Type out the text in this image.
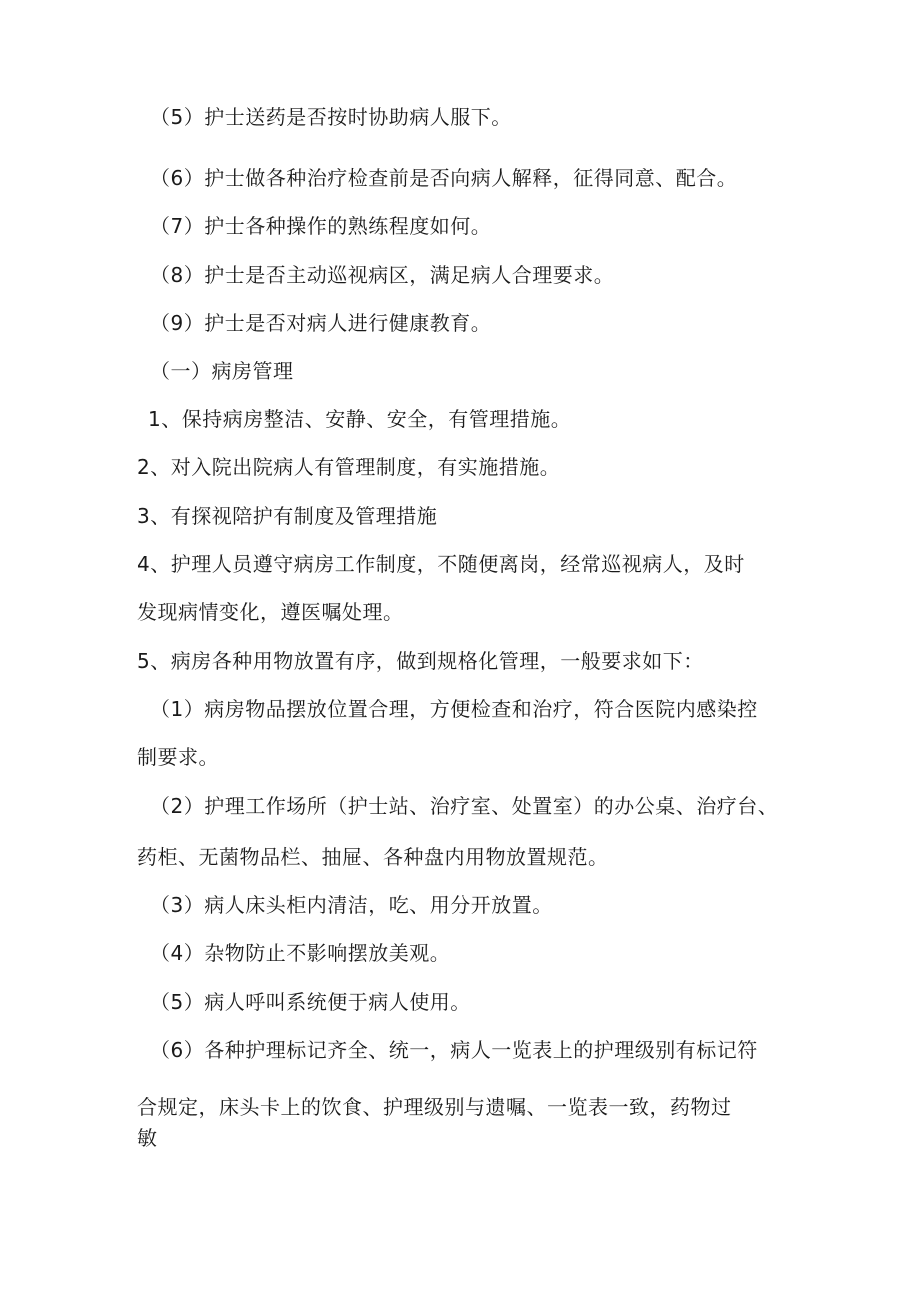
（5）护士送药是否按时协助病人服下。
（6）护士做各种治疗检查前是否向病人解释，征得同意、配合。
（7）护士各种操作的熟练程度如何。
（8）护士是否主动巡视病区，满足病人合理要求。
（9）护士是否对病人进行健康教育。
（一）病房管理
1、保持病房整洁、安静、安全，有管理措施。
2、对入院出院病人有管理制度，有实施措施。
3、有探视陪护有制度及管理措施
4、护理人员遵守病房工作制度，不随便离岗，经常巡视病人，及时
发现病情变化，遵医嘱处理。
5、病房各种用物放置有序，做到规格化管理，一般要求如下：
（1）病房物品摆放位置合理，方便检查和治疗，符合医院内感染控
制要求。
（2）护理工作场所（护士站、治疗室、处置室）的办公桌、治疗台、
药柜、无菌物品栏、抽屉、各种盘内用物放置规范。
（3）病人床头柜内清洁，吃、用分开放置。
（4）杂物防止不影响摆放美观。
（5）病人呼叫系统便于病人使用。
（6）各种护理标记齐全、统一，病人一览表上的护理级别有标记符
合规定，床头卡上的饮食、护理级别与遗嘱、一览表一致，药物过
敏
